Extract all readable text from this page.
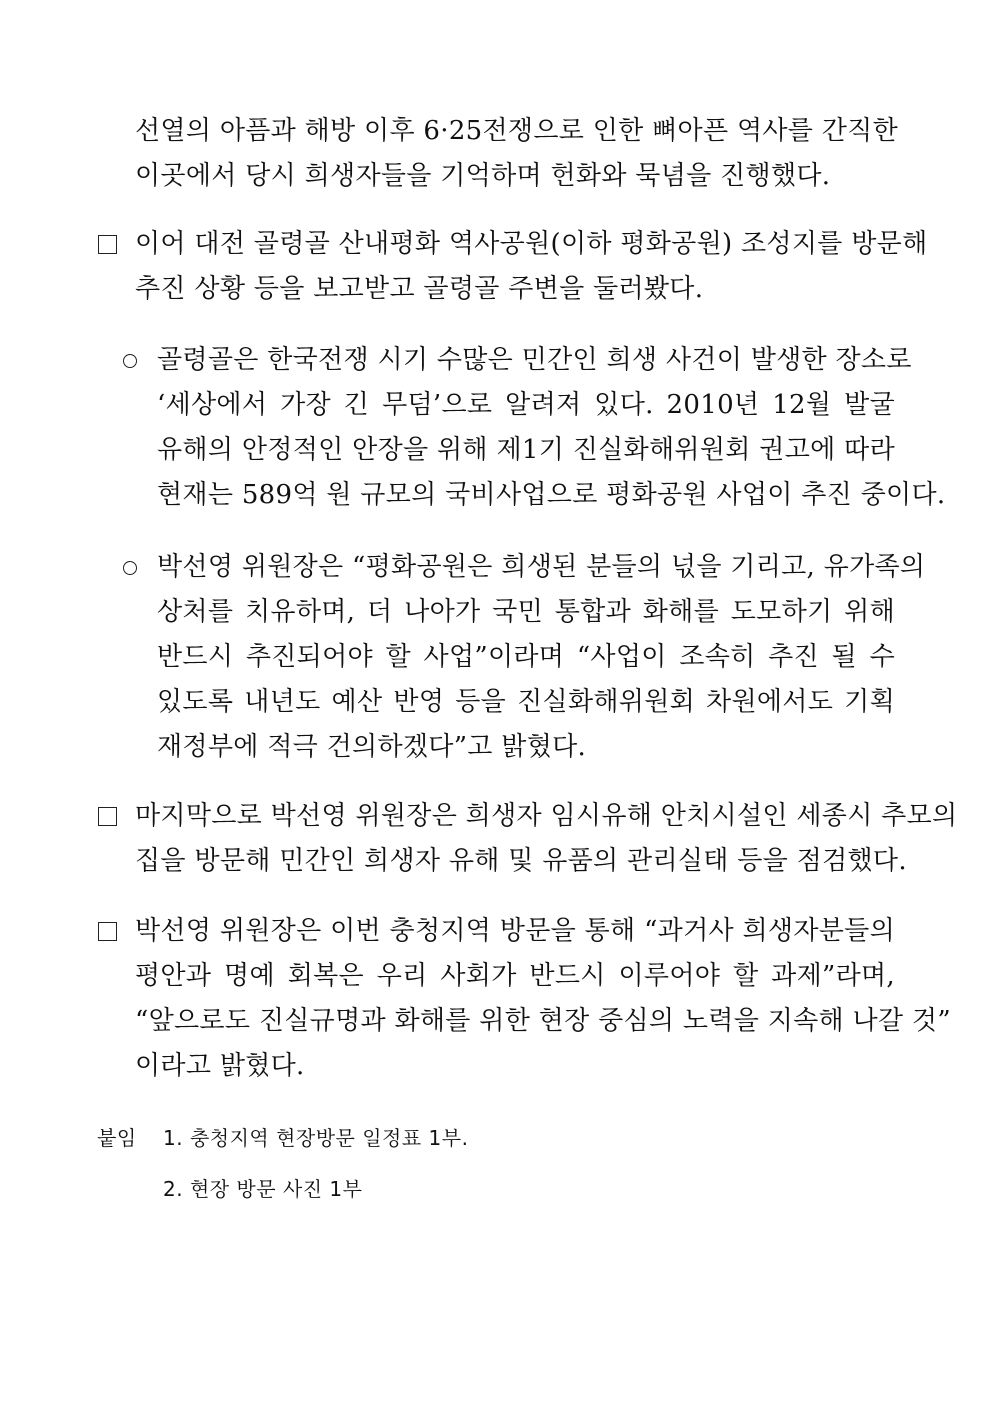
선열의 아픔과 해방 이후 6·25전쟁으로 인한 뼈아픈 역사를 간직한
이곳에서 당시 희생자들을 기억하며 헌화와 묵념을 진행했다.
이어 대전 골령골 산내평화 역사공원(이하 평화공원) 조성지를 방문해
추진 상황 등을 보고받고 골령골 주변을 둘러봤다.
골령골은 한국전쟁 시기 수많은 민간인 희생 사건이 발생한 장소로
‘세상에서 가장 긴 무덤’으로 알려져 있다. 2010년 12월 발굴
유해의 안정적인 안장을 위해 제1기 진실화해위원회 권고에 따라
현재는 589억 원 규모의 국비사업으로 평화공원 사업이 추진 중이다.
박선영 위원장은 “평화공원은 희생된 분들의 넋을 기리고, 유가족의
상처를 치유하며, 더 나아가 국민 통합과 화해를 도모하기 위해
반드시 추진되어야 할 사업”이라며 “사업이 조속히 추진 될 수
있도록 내년도 예산 반영 등을 진실화해위원회 차원에서도 기획
재정부에 적극 건의하겠다”고 밝혔다.
마지막으로 박선영 위원장은 희생자 임시유해 안치시설인 세종시 추모의
집을 방문해 민간인 희생자 유해 및 유품의 관리실태 등을 점검했다.
박선영 위원장은 이번 충청지역 방문을 통해 “과거사 희생자분들의
평안과 명예 회복은 우리 사회가 반드시 이루어야 할 과제”라며,
“앞으로도 진실규명과 화해를 위한 현장 중심의 노력을 지속해 나갈 것”
이라고 밝혔다.
붙임 1. 충청지역 현장방문 일정표 1부.
2. 현장 방문 사진 1부
